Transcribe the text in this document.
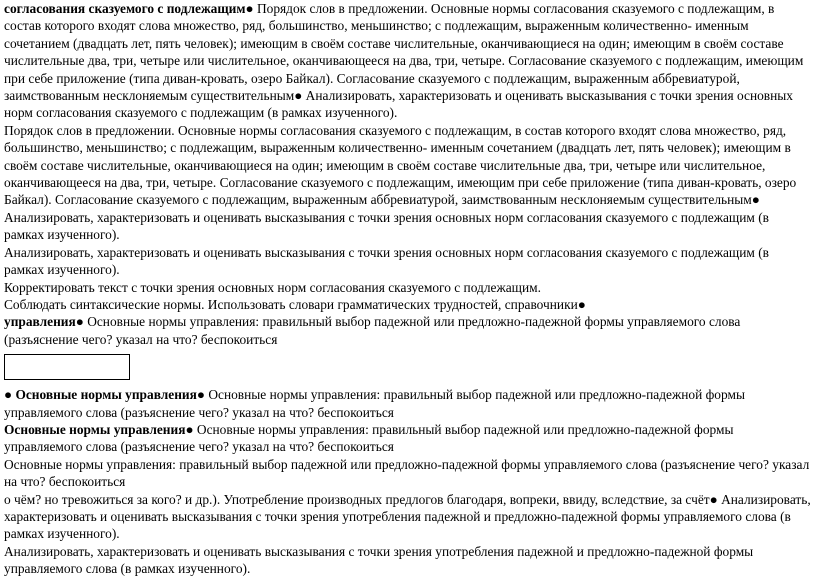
согласования сказуемого с подлежащим● Порядок слов в предложении. Основные нормы согласования сказуемого с подлежащим, в состав которого входят слова множество, ряд, большинство, меньшинство; с подлежащим, выраженным количественно- именным сочетанием (двадцать лет, пять человек); имеющим в своём составе числительные, оканчивающиеся на один; имеющим в своём составе числительные два, три, четыре или числительное, оканчивающееся на два, три, четыре. Согласование сказуемого с подлежащим, имеющим при себе приложение (типа диван-кровать, озеро Байкал). Согласование сказуемого с подлежащим, выраженным аббревиатурой, заимствованным несклоняемым существительным● Анализировать, характеризовать и оценивать высказывания с точки зрения основных норм согласования сказуемого с подлежащим (в рамках изученного).

Порядок слов в предложении. Основные нормы согласования сказуемого с подлежащим, в состав которого входят слова множество, ряд, большинство, меньшинство; с подлежащим, выраженным количественно- именным сочетанием (двадцать лет, пять человек); имеющим в своём составе числительные, оканчивающиеся на один; имеющим в своём составе числительные два, три, четыре или числительное, оканчивающееся на два, три, четыре. Согласование сказуемого с подлежащим, имеющим при себе приложение (типа диван-кровать, озеро Байкал). Согласование сказуемого с подлежащим, выраженным аббревиатурой, заимствованным несклоняемым существительным● Анализировать, характеризовать и оценивать высказывания с точки зрения основных норм согласования сказуемого с подлежащим (в рамках изученного).

Анализировать, характеризовать и оценивать высказывания с точки зрения основных норм согласования сказуемого с подлежащим (в рамках изученного).

Корректировать текст с точки зрения основных норм согласования сказуемого с подлежащим.

Соблюдать синтаксические нормы. Использовать словари грамматических трудностей, справочники●

управления● Основные нормы управления: правильный выбор падежной или предложно-падежной формы управляемого слова (разъяснение чего? указал на что? беспокоиться

● Основные нормы управления● Основные нормы управления: правильный выбор падежной или предложно-падежной формы управляемого слова (разъяснение чего? указал на что? беспокоиться

Основные нормы управления● Основные нормы управления: правильный выбор падежной или предложно-падежной формы управляемого слова (разъяснение чего? указал на что? беспокоиться

Основные нормы управления: правильный выбор падежной или предложно-падежной формы управляемого слова (разъяснение чего? указал на что? беспокоиться

о чём? но тревожиться за кого? и др.). Употребление производных предлогов благодаря, вопреки, ввиду, вследствие, за счёт● Анализировать, характеризовать и оценивать высказывания с точки зрения употребления падежной и предложно-падежной формы управляемого слова (в рамках изученного).

Анализировать, характеризовать и оценивать высказывания с точки зрения употребления падежной и предложно-падежной формы управляемого слова (в рамках изученного).
